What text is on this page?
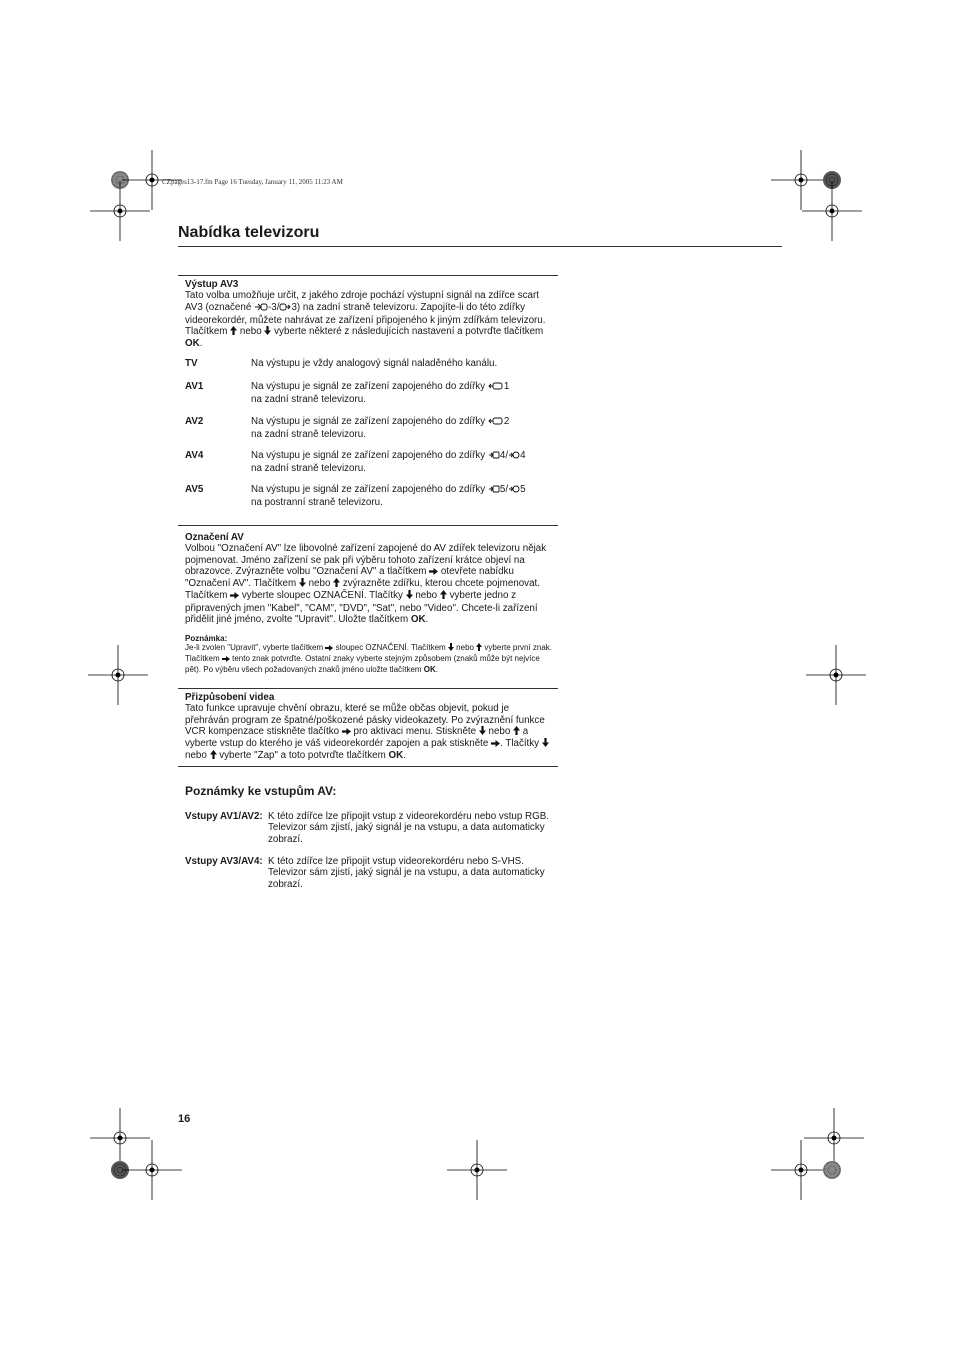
CZpages13-17.fm Page 16 Tuesday, January 11, 2005 11:23 AM
Nabídka televizoru

Výstup AV3

Tato volba umožňuje určit, z jakého zdroje pochází výstupní signál na zdířce scart AV3 (označené -3/ 3) na zadní straně televizoru. Zapojíte-li do této zdířky videorekordér, můžete nahrávat ze zařízení připojeného k jiným zdířkám televizoru. Tlačítkem  nebo  vyberte některé z následujících nastavení a potvrďte tlačítkem OK.

TV	Na výstupu je vždy analogový signál naladěného kanálu.
AV1	Na výstupu je signál ze zařízení zapojeného do zdířky 1
na zadní straně televizoru.
AV2	Na výstupu je signál ze zařízení zapojeného do zdířky 2
na zadní straně televizoru.
AV4	Na výstupu je signál ze zařízení zapojeného do zdířky 4/ 4
na zadní straně televizoru.
AV5	Na výstupu je signál ze zařízení zapojeného do zdířky 5/ 5
na postranní straně televizoru.

Označení AV

Volbou "Označení AV" lze libovolné zařízení zapojené do AV zdířek televizoru nějak pojmenovat. Jméno zařízení se pak při výběru tohoto zařízení krátce objeví na obrazovce. Zvýrazněte volbu "Označení AV" a tlačítkem  otevřete nabídku "Označení AV". Tlačítkem  nebo  zvýrazněte zdířku, kterou chcete pojmenovat. Tlačítkem  vyberte sloupec OZNAČENÍ. Tlačítky  nebo  vyberte jedno z připravených jmen "Kabel", "CAM", "DVD", "Sat", nebo "Video". Chcete-li zařízení přidělit jiné jméno, zvolte "Upravit". Uložte tlačítkem OK.

Poznámka:
Je-li zvolen "Upravit", vyberte tlačítkem  sloupec OZNAČENÍ. Tlačítkem  nebo  vyberte první znak. Tlačítkem  tento znak potvrďte. Ostatní znaky vyberte stejným způsobem (znaků může být nejvíce pět). Po výběru všech požadovaných znaků jméno uložte tlačítkem OK.

Přizpůsobení videa

Tato funkce upravuje chvění obrazu, které se může občas objevit, pokud je přehráván program ze špatné/poškozené pásky videokazety. Po zvýraznění funkce VCR kompenzace stiskněte tlačítko  pro aktivaci menu. Stiskněte  nebo  a vyberte vstup do kterého je váš videorekordér zapojen a pak stiskněte . Tlačítky  nebo  vyberte "Zap" a toto potvrďte tlačítkem OK.

Poznámky ke vstupům AV:
Vstupy AV1/AV2: K této zdířce lze připojit vstup z videorekordéru nebo vstup RGB. Televizor sám zjistí, jaký signál je na vstupu, a data automaticky zobrazí.
Vstupy AV3/AV4: K této zdířce lze připojit vstup videorekordéru nebo S-VHS. Televizor sám zjistí, jaký signál je na vstupu, a data automaticky zobrazí.
16
